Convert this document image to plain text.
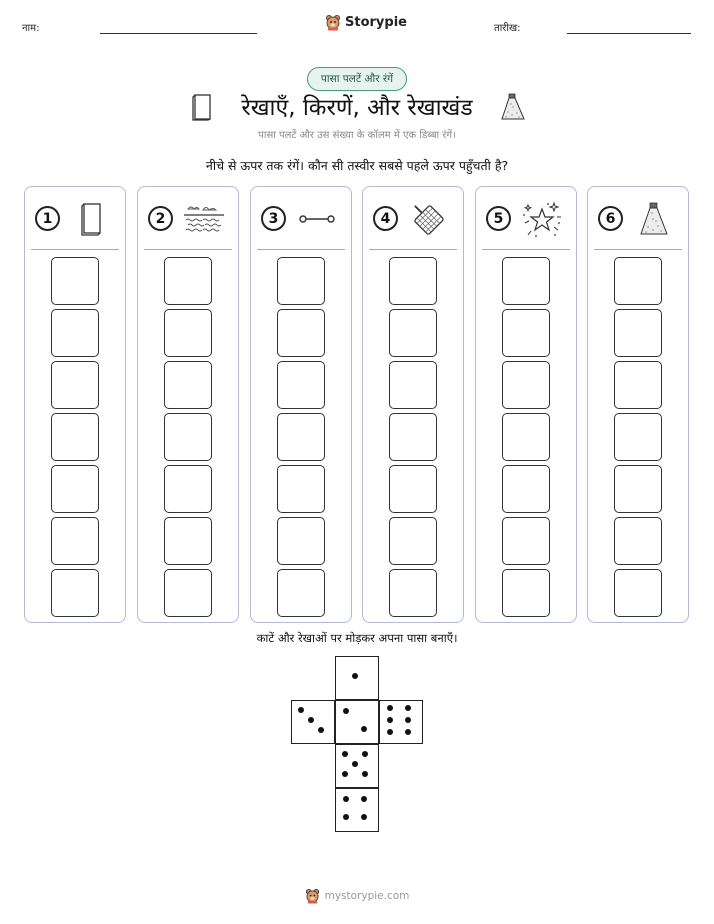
नाम:	Storypie	तारीख:
पासा पलटें और रंगें
रेखाएँ, किरणें, और रेखाखंड
पासा पलटें और उस संख्या के कॉलम में एक डिब्बा रंगें।
नीचे से ऊपर तक रंगें। कौन सी तस्वीर सबसे पहले ऊपर पहुँचती है?
1	2	3	4	5	6
काटें और रेखाओं पर मोड़कर अपना पासा बनाएँ।
mystorypie.com
